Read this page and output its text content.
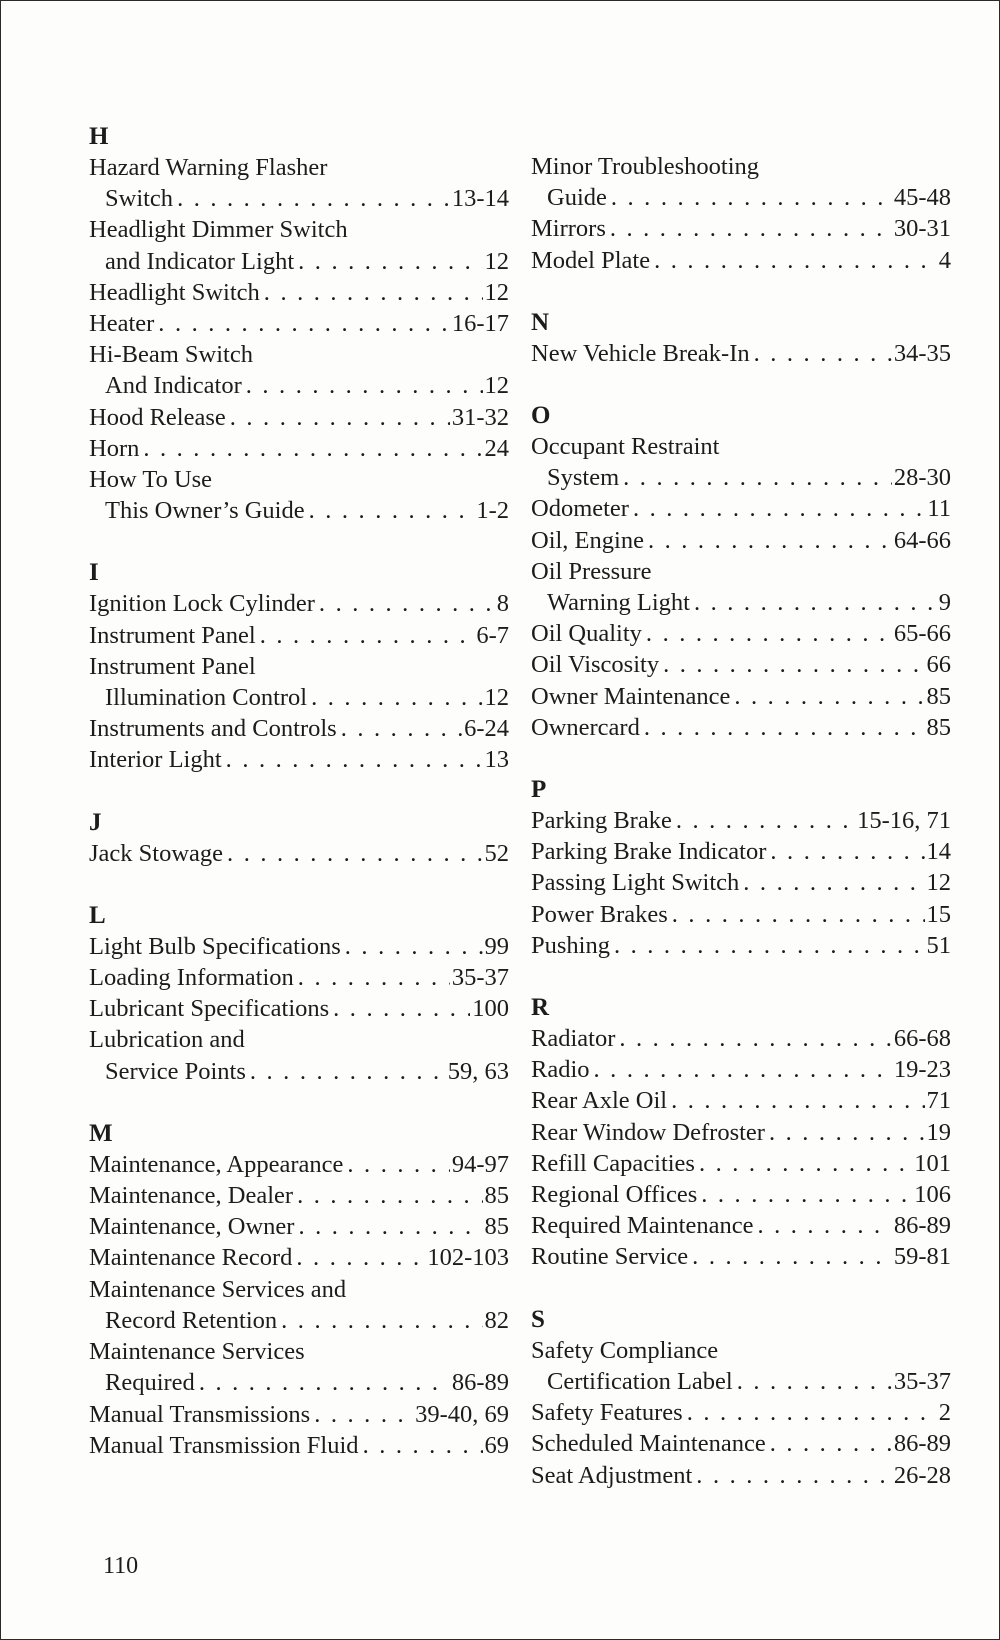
H
Hazard Warning Flasher
Switch . . .	13-14
Headlight Dimmer Switch
and Indicator Light . . .	12
Headlight Switch . . .	12
Heater . . .	16-17
Hi-Beam Switch
And Indicator . . .	12
Hood Release . . .	31-32
Horn . . .	24
How To Use
This Owner’s Guide . . .	1-2
I
Ignition Lock Cylinder . . .	8
Instrument Panel . . .	6-7
Instrument Panel
Illumination Control . . .	12
Instruments and Controls . . .	6-24
Interior Light . . .	13
J
Jack Stowage . . .	52
L
Light Bulb Specifications . . .	99
Loading Information . . .	35-37
Lubricant Specifications . . .	100
Lubrication and
Service Points . . .	59, 63
M
Maintenance, Appearance . . .	94-97
Maintenance, Dealer . . .	85
Maintenance, Owner . . .	85
Maintenance Record . . .	102-103
Maintenance Services and
Record Retention . . .	82
Maintenance Services
Required . . .	86-89
Manual Transmissions . . .	39-40, 69
Manual Transmission Fluid . . .	69
Minor Troubleshooting
Guide . . .	45-48
Mirrors . . .	30-31
Model Plate . . .	4
N
New Vehicle Break-In . . .	34-35
O
Occupant Restraint
System . . .	28-30
Odometer . . .	11
Oil, Engine . . .	64-66
Oil Pressure
Warning Light . . .	9
Oil Quality . . .	65-66
Oil Viscosity . . .	66
Owner Maintenance . . .	85
Ownercard . . .	85
P
Parking Brake . . .	15-16, 71
Parking Brake Indicator . . .	14
Passing Light Switch . . .	12
Power Brakes . . .	15
Pushing . . .	51
R
Radiator . . .	66-68
Radio . . .	19-23
Rear Axle Oil . . .	71
Rear Window Defroster . . .	19
Refill Capacities . . .	101
Regional Offices . . .	106
Required Maintenance . . .	86-89
Routine Service . . .	59-81
S
Safety Compliance
Certification Label . . .	35-37
Safety Features . . .	2
Scheduled Maintenance . . .	86-89
Seat Adjustment . . .	26-28
110
